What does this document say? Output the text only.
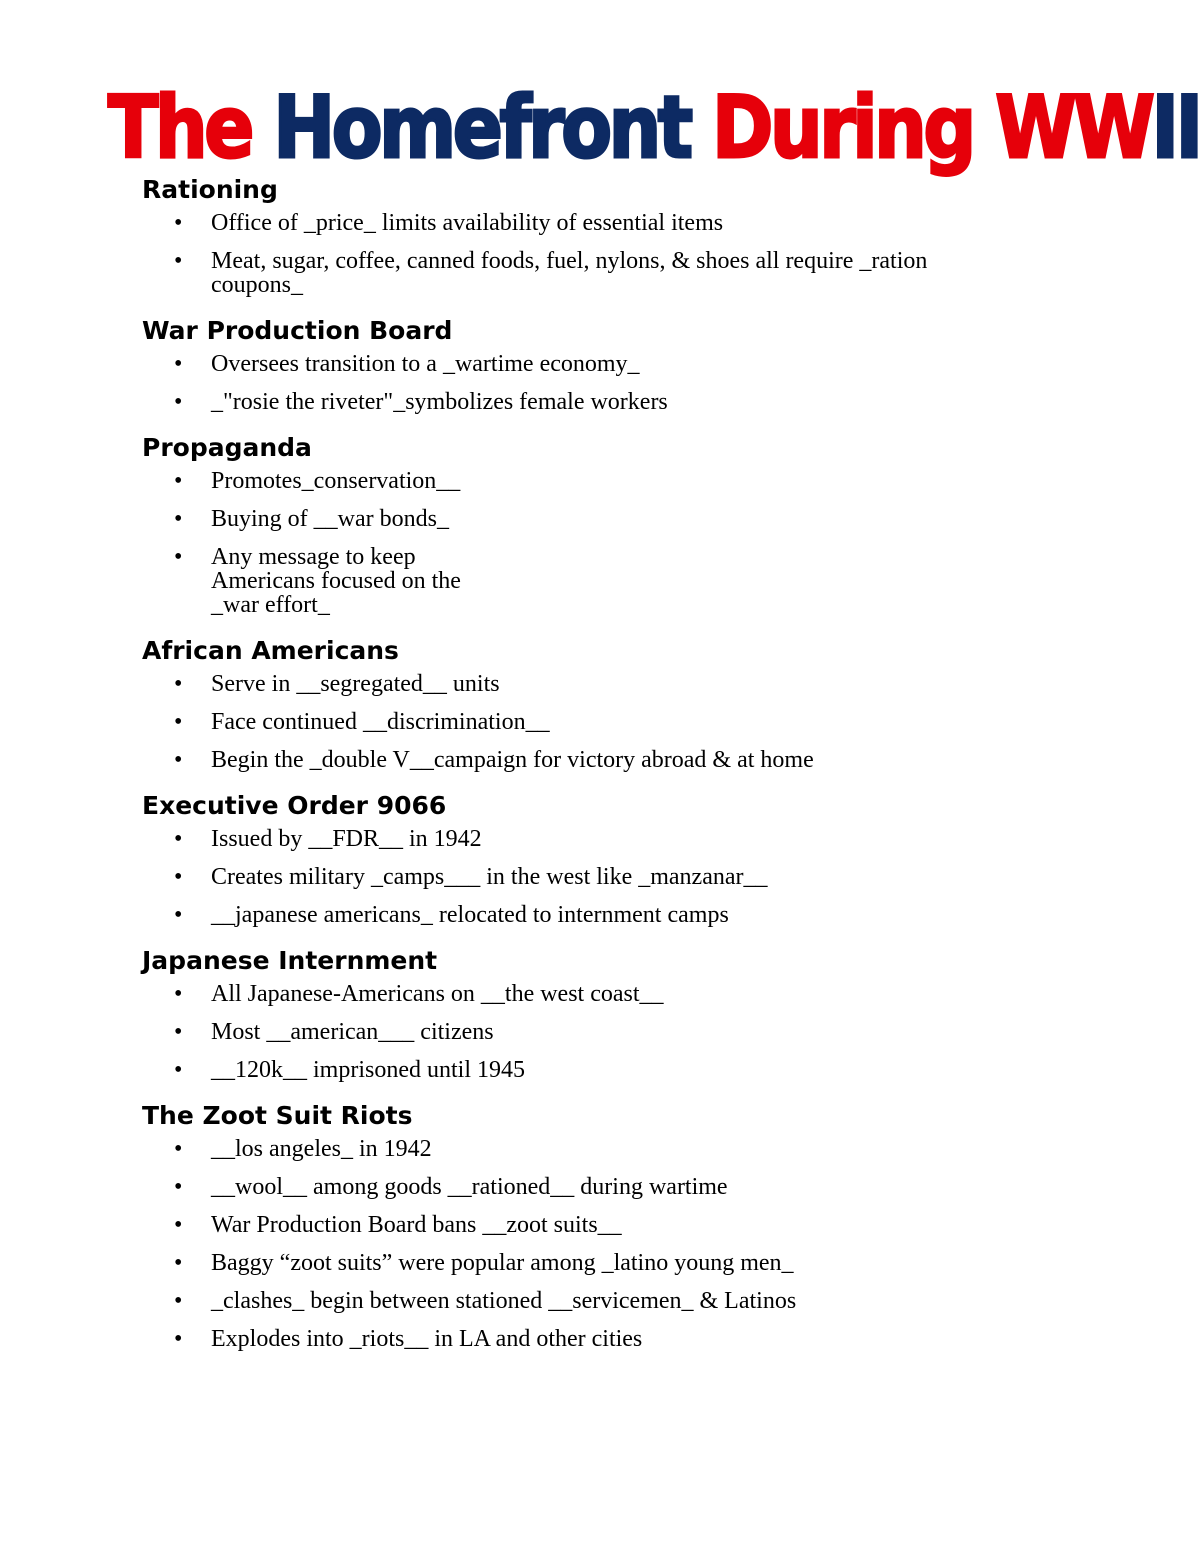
The Homefront During WWII
Rationing
• Office of _price_ limits availability of essential items
• Meat, sugar, coffee, canned foods, fuel, nylons, & shoes all require _ration coupons_
War Production Board
• Oversees transition to a _wartime economy_
• _"rosie the riveter"_symbolizes female workers
Propaganda
• Promotes_conservation__
• Buying of __war bonds_
• Any message to keep Americans focused on the _war effort_
African Americans
• Serve in __segregated__ units
• Face continued __discrimination__
• Begin the _double V__campaign for victory abroad & at home
Executive Order 9066
• Issued by __FDR__ in 1942
• Creates military _camps___ in the west like _manzanar__
• __japanese americans_ relocated to internment camps
Japanese Internment
• All Japanese-Americans on __the west coast__
• Most __american___ citizens
• __120k__ imprisoned until 1945
The Zoot Suit Riots
• __los angeles_ in 1942
• __wool__ among goods __rationed__ during wartime
• War Production Board bans __zoot suits__
• Baggy “zoot suits” were popular among _latino young men_
• _clashes_ begin between stationed __servicemen_ & Latinos
• Explodes into _riots__ in LA and other cities
